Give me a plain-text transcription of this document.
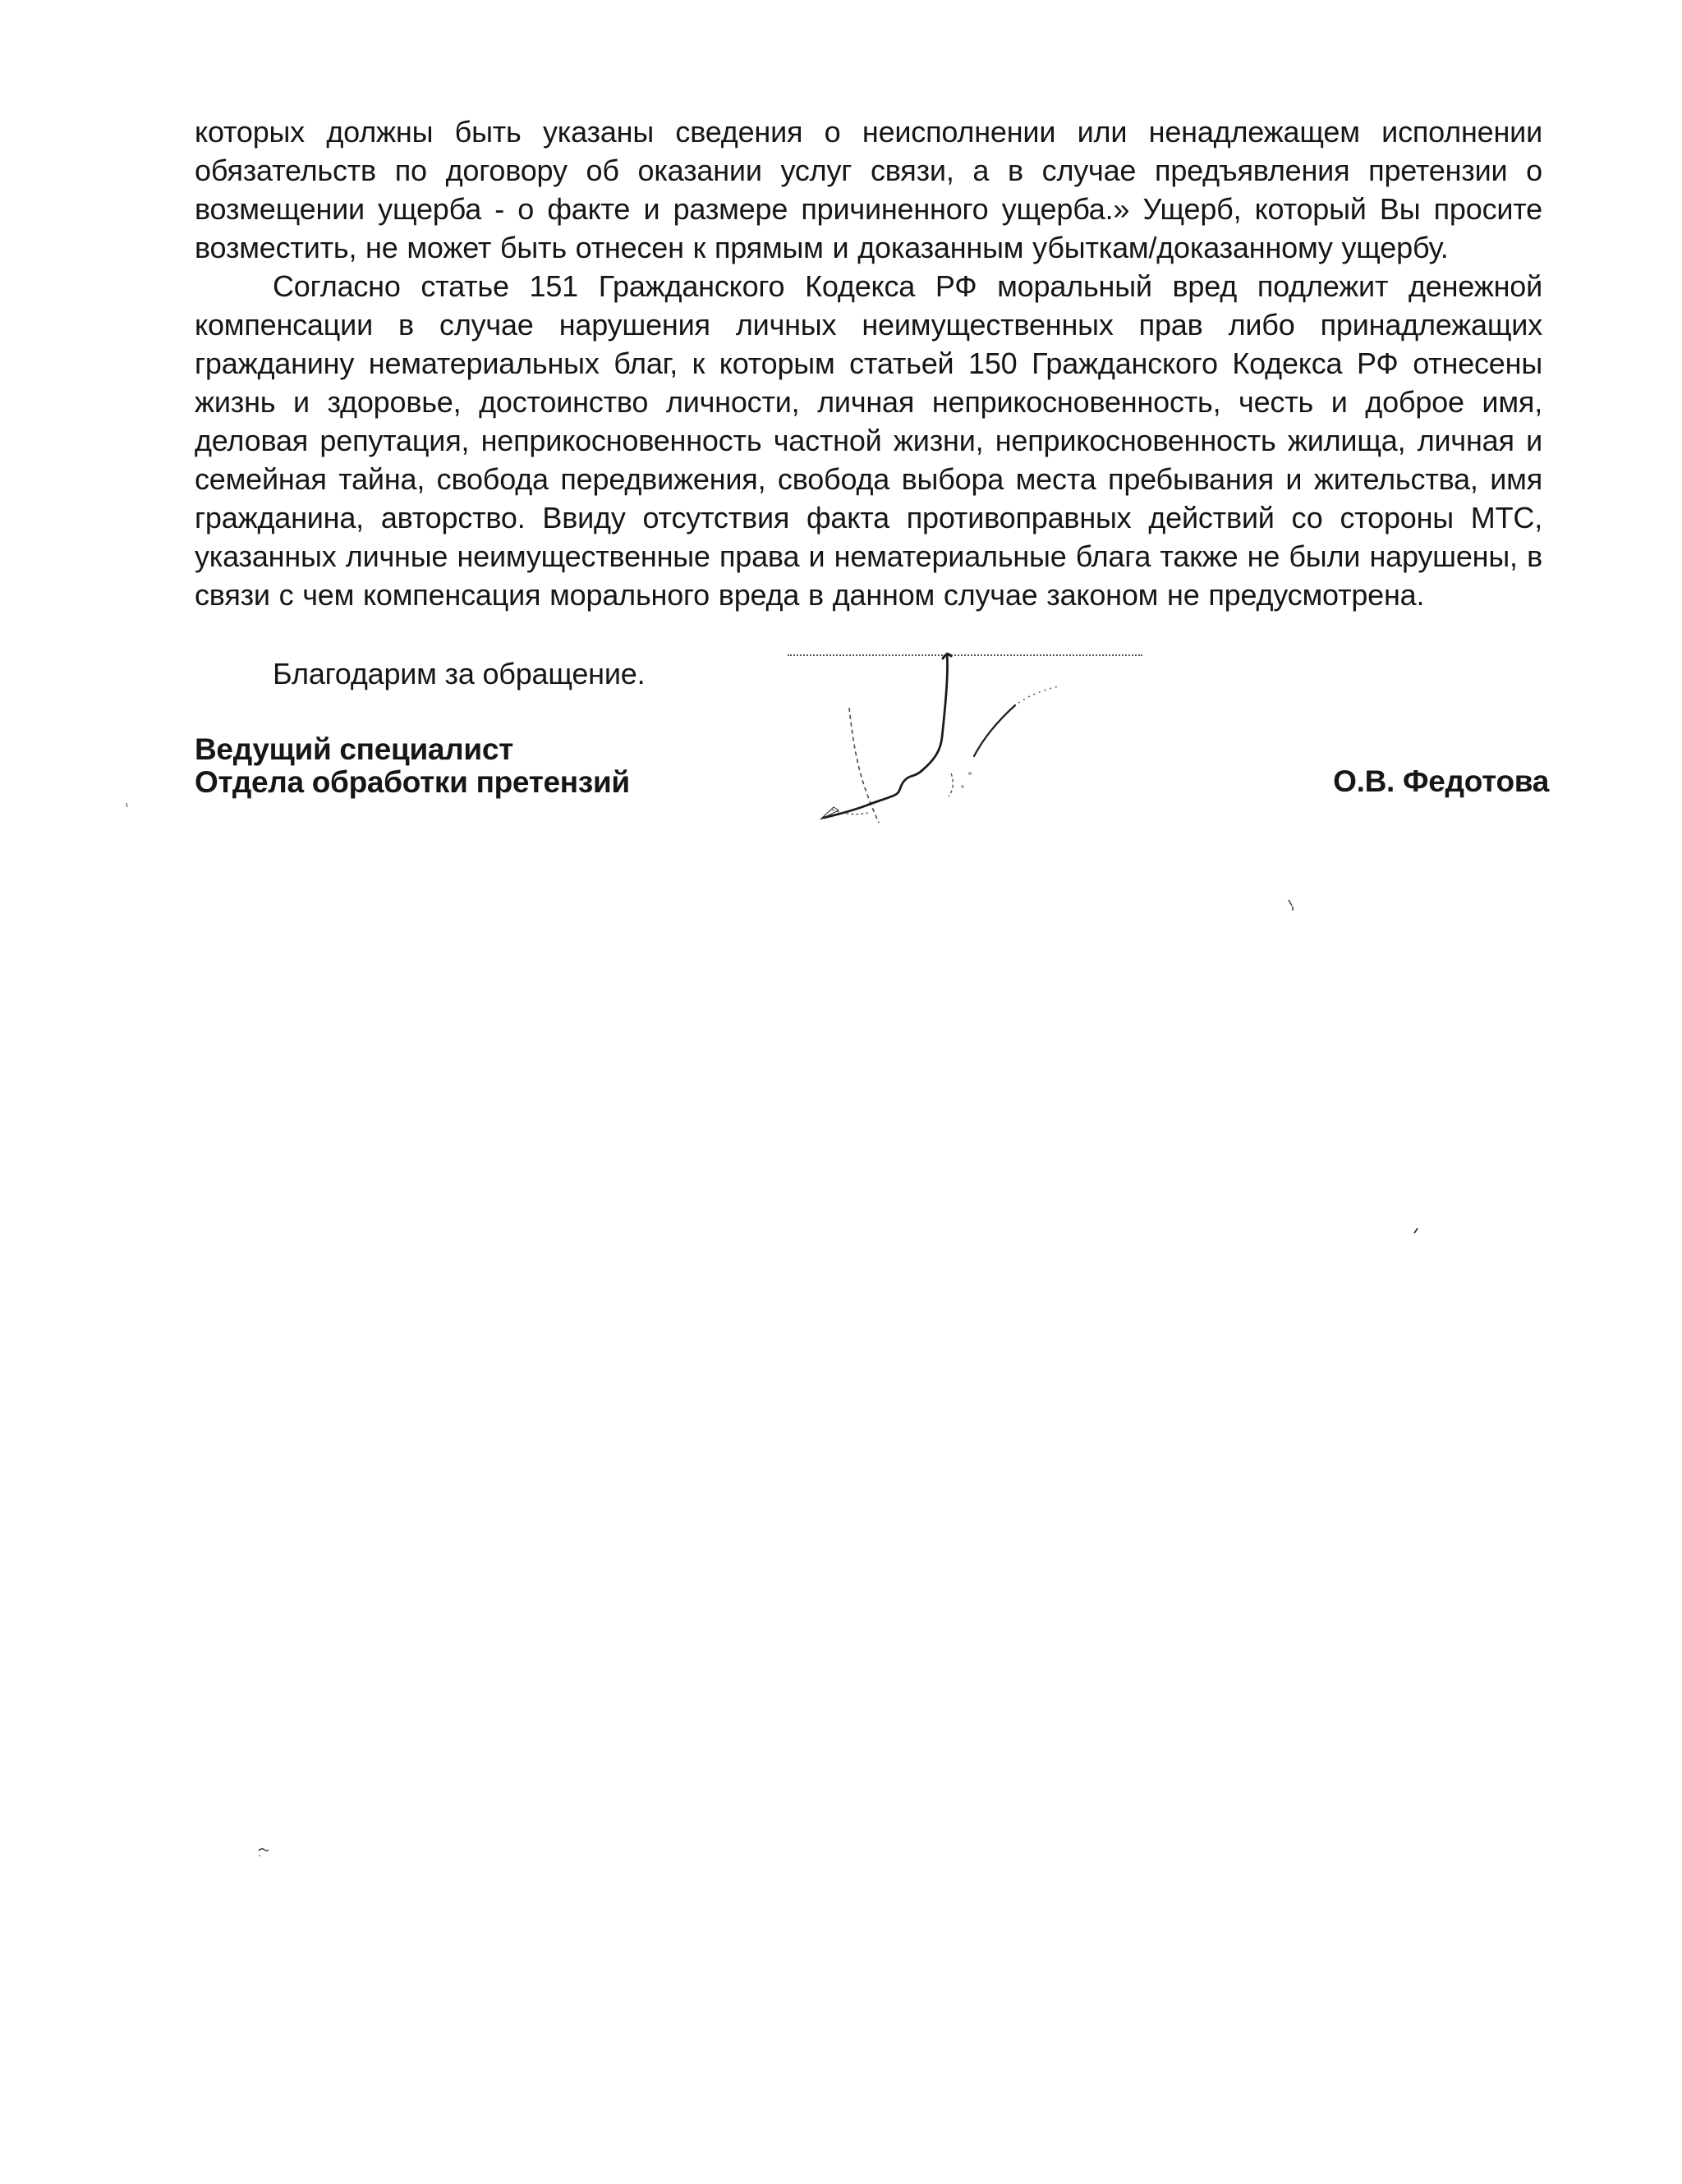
которых должны быть указаны сведения о неисполнении или ненадлежащем исполнении
обязательств по договору об оказании услуг связи, а в случае предъявления претензии о
возмещении ущерба - о факте и размере причиненного ущерба.» Ущерб, который Вы просите
возместить, не может быть отнесен к прямым и доказанным убыткам/доказанному ущербу.
Согласно статье 151 Гражданского Кодекса РФ моральный вред подлежит денежной
компенсации в случае нарушения личных неимущественных прав либо принадлежащих
гражданину нематериальных благ, к которым статьей 150 Гражданского Кодекса РФ отнесены
жизнь и здоровье, достоинство личности, личная неприкосновенность, честь и доброе имя,
деловая репутация, неприкосновенность частной жизни, неприкосновенность жилища, личная и
семейная тайна, свобода передвижения, свобода выбора места пребывания и жительства, имя
гражданина, авторство. Ввиду отсутствия факта противоправных действий со стороны МТС,
указанных личные неимущественные права и нематериальные блага также не были нарушены, в
связи с чем компенсация морального вреда в данном случае законом не предусмотрена.
Благодарим за обращение.
Ведущий специалист
Отдела обработки претензий	О.В. Федотова
